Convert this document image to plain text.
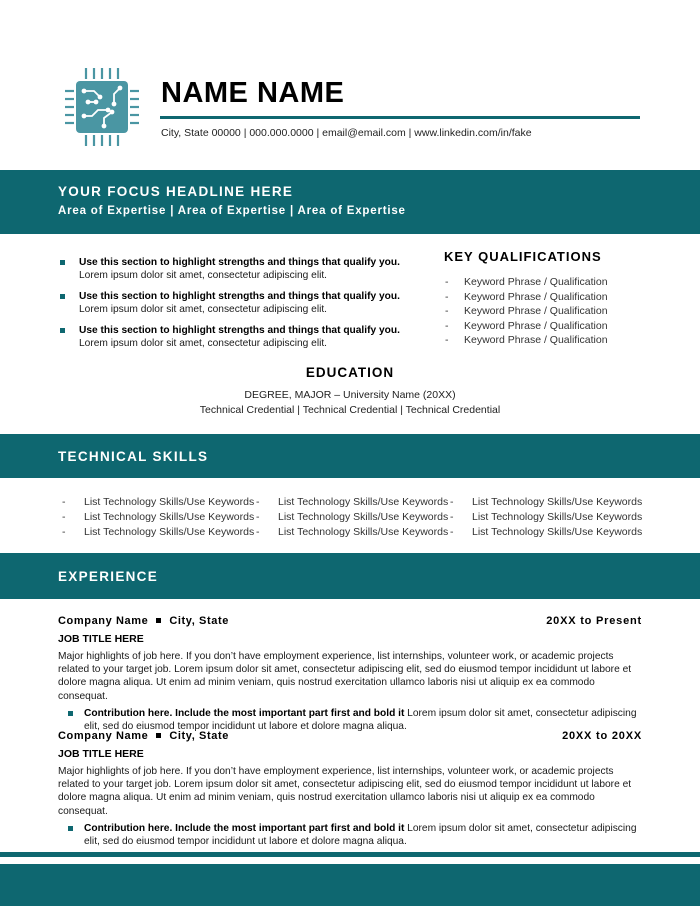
NAME NAME
City, State 00000 | 000.000.0000 | email@email.com | www.linkedin.com/in/fake
YOUR FOCUS HEADLINE HERE
Area of Expertise | Area of Expertise | Area of Expertise
Use this section to highlight strengths and things that qualify you. Lorem ipsum dolor sit amet, consectetur adipiscing elit.
Use this section to highlight strengths and things that qualify you. Lorem ipsum dolor sit amet, consectetur adipiscing elit.
Use this section to highlight strengths and things that qualify you. Lorem ipsum dolor sit amet, consectetur adipiscing elit.
KEY QUALIFICATIONS
- Keyword Phrase / Qualification
- Keyword Phrase / Qualification
- Keyword Phrase / Qualification
- Keyword Phrase / Qualification
- Keyword Phrase / Qualification
EDUCATION
DEGREE, MAJOR – University Name (20XX)
Technical Credential | Technical Credential | Technical Credential
TECHNICAL SKILLS
- List Technology Skills/Use Keywords - List Technology Skills/Use Keywords - List Technology Skills/Use Keywords
- List Technology Skills/Use Keywords - List Technology Skills/Use Keywords - List Technology Skills/Use Keywords
- List Technology Skills/Use Keywords - List Technology Skills/Use Keywords - List Technology Skills/Use Keywords
EXPERIENCE
Company Name City, State	20XX to Present
JOB TITLE HERE
Major highlights of job here. If you don’t have employment experience, list internships, volunteer work, or academic projects related to your target job. Lorem ipsum dolor sit amet, consectetur adipiscing elit, sed do eiusmod tempor incididunt ut labore et dolore magna aliqua. Ut enim ad minim veniam, quis nostrud exercitation ullamco laboris nisi ut aliquip ex ea commodo consequat.
Contribution here. Include the most important part first and bold it Lorem ipsum dolor sit amet, consectetur adipiscing elit, sed do eiusmod tempor incididunt ut labore et dolore magna aliqua.
Company Name City, State	20XX to 20XX
JOB TITLE HERE
Major highlights of job here. If you don’t have employment experience, list internships, volunteer work, or academic projects related to your target job. Lorem ipsum dolor sit amet, consectetur adipiscing elit, sed do eiusmod tempor incididunt ut labore et dolore magna aliqua. Ut enim ad minim veniam, quis nostrud exercitation ullamco laboris nisi ut aliquip ex ea commodo consequat.
Contribution here. Include the most important part first and bold it Lorem ipsum dolor sit amet, consectetur adipiscing elit, sed do eiusmod tempor incididunt ut labore et dolore magna aliqua.
